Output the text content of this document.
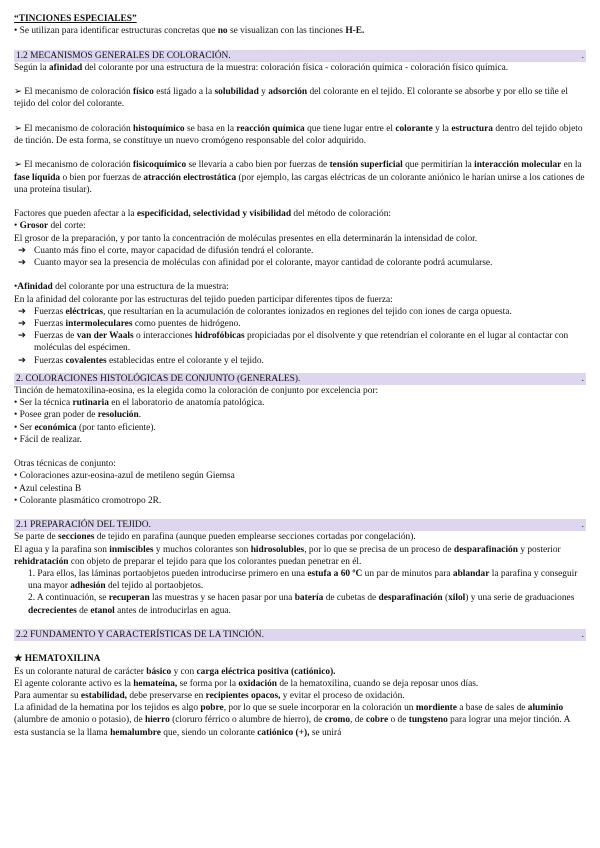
“TINCIONES ESPECIALES”

• Se utilizan para identificar estructuras concretas que no se visualizan con las tinciones H-E.

1.2 MECANISMOS GENERALES DE COLORACIÓN.	.

Según la afinidad del colorante por una estructura de la muestra: coloración física - coloración química - coloración físico química.

➢ El mecanismo de coloración físico está ligado a la solubilidad y adsorción del colorante en el tejido. El colorante se absorbe y por ello se tiñe el tejido del color del colorante.

➢ El mecanismo de coloración histoquímico se basa en la reacción química que tiene lugar entre el colorante y la estructura dentro del tejido objeto de tinción. De esta forma, se constituye un nuevo cromógeno responsable del color adquirido.

➢ El mecanismo de coloración fisicoquímico se llevaría a cabo bien por fuerzas de tensión superficial que permitirían la interacción molecular en la fase líquida o bien por fuerzas de atracción electrostática (por ejemplo, las cargas eléctricas de un colorante aniónico le harían unirse a los cationes de una proteína tisular).

Factores que pueden afectar a la especificidad, selectividad y visibilidad del método de coloración:

• Grosor del corte:

El grosor de la preparación, y por tanto la concentración de moléculas presentes en ella determinarán la intensidad de color.

➔ Cuanto más fino el corte, mayor capacidad de difusión tendrá el colorante.
➔ Cuanto mayor sea la presencia de moléculas con afinidad por el colorante, mayor cantidad de colorante podrá acumularse.

•Afinidad del colorante por una estructura de la muestra:

En la afinidad del colorante por las estructuras del tejido pueden participar diferentes tipos de fuerza:

➔ Fuerzas eléctricas, que resultarían en la acumulación de colorantes ionizados en regiones del tejido con iones de carga opuesta.
➔ Fuerzas intermoleculares como puentes de hidrógeno.
➔ Fuerzas de van der Waals o interacciones hidrofóbicas propiciadas por el disolvente y que retendrían el colorante en el lugar al contactar con moléculas del espécimen.
➔ Fuerzas covalentes establecidas entre el colorante y el tejido.
2. COLORACIONES HISTOLÓGICAS DE CONJUNTO (GENERALES).	.

Tinción de hematoxilina-eosina, es la elegida como la coloración de conjunto por excelencia por:

• Ser la técnica rutinaria en el laboratorio de anatomía patológica.

• Posee gran poder de resolución.

• Ser económica (por tanto eficiente).

• Fácil de realizar.

Otras técnicas de conjunto:

• Coloraciones azur-eosina-azul de metileno según Giemsa

• Azul celestina B

• Colorante plasmático cromotropo 2R.

2.1 PREPARACIÓN DEL TEJIDO.	.

Se parte de secciones de tejido en parafina (aunque pueden emplearse secciones cortadas por congelación).

El agua y la parafina son inmiscibles y muchos colorantes son hidrosolubles, por lo que se precisa de un proceso de desparafinación y posterior rehidratación con objeto de preparar el tejido para que los colorantes puedan penetrar en él.

1. Para ellos, las láminas portaobjetos pueden introducirse primero en una estufa a 60 ºC un par de minutos para ablandar la parafina y conseguir una mayor adhesión del tejido al portaobjetos.

2. A continuación, se recuperan las muestras y se hacen pasar por una batería de cubetas de desparafinación (xilol) y una serie de graduaciones decrecientes de etanol antes de introducirlas en agua.

2.2 FUNDAMENTO Y CARACTERÍSTICAS DE LA TINCIÓN.	.

★ HEMATOXILINA

Es un colorante natural de carácter básico y con carga eléctrica positiva (catiónico).

El agente colorante activo es la hemateína, se forma por la oxidación de la hematoxilina, cuando se deja reposar unos días.

Para aumentar su estabilidad, debe preservarse en recipientes opacos, y evitar el proceso de oxidación.

La afinidad de la hematina por los tejidos es algo pobre, por lo que se suele incorporar en la coloración un mordiente a base de sales de aluminio (alumbre de amonio o potasio), de hierro (cloruro férrico o alumbre de hierro), de cromo, de cobre o de tungsteno para lograr una mejor tinción. A esta sustancia se la llama hemalumbre que, siendo un colorante catiónico (+), se unirá
